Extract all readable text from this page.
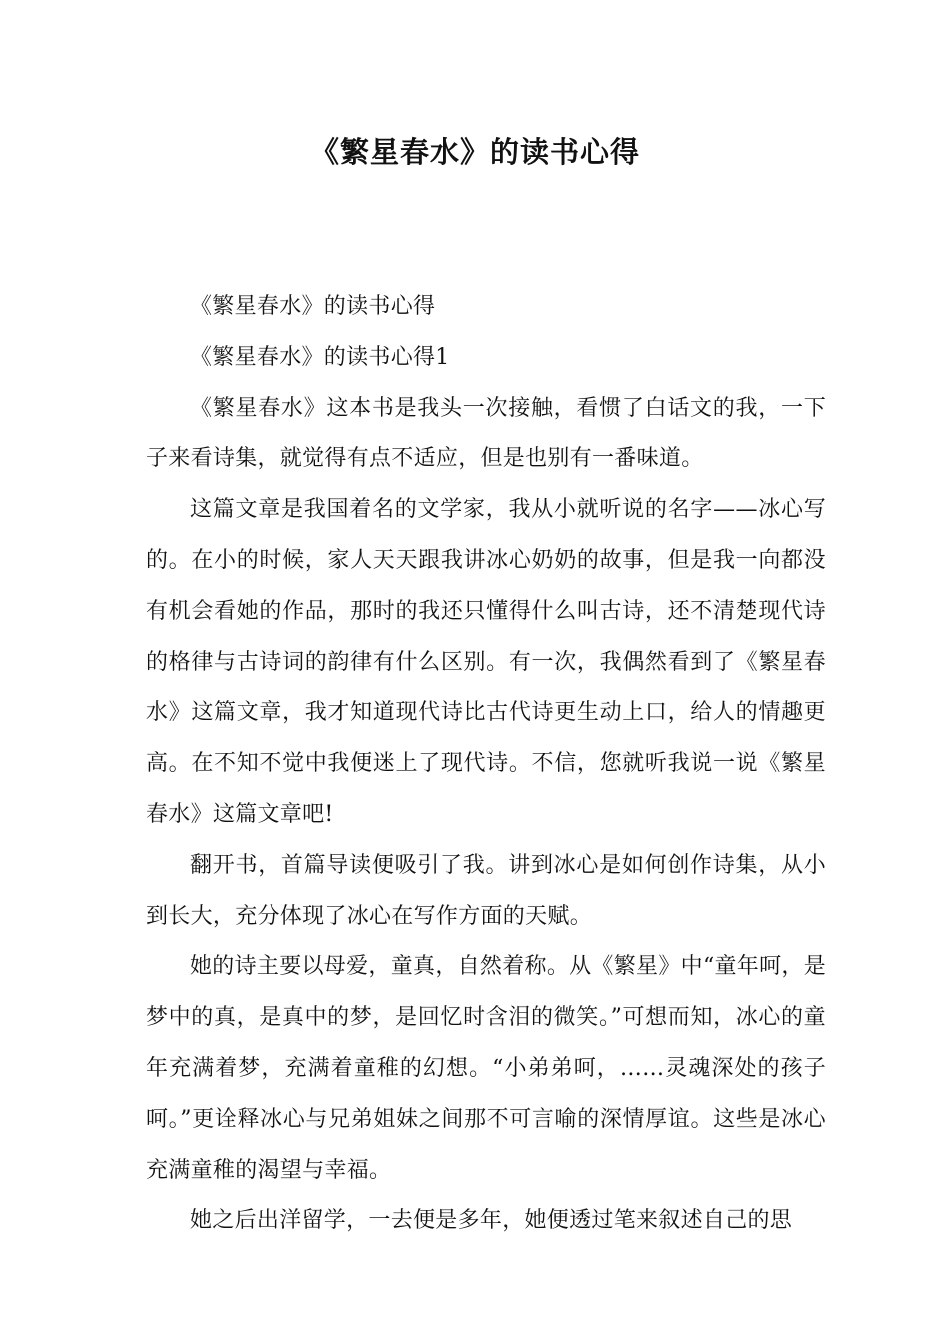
《繁星春水》的读书心得

《繁星春水》的读书心得

《繁星春水》的读书心得1

《繁星春水》这本书是我头一次接触，看惯了白话文的我，一下子来看诗集，就觉得有点不适应，但是也别有一番味道。

这篇文章是我国着名的文学家，我从小就听说的名字——冰心写的。在小的时候，家人天天跟我讲冰心奶奶的故事，但是我一向都没有机会看她的作品，那时的我还只懂得什么叫古诗，还不清楚现代诗的格律与古诗词的韵律有什么区别。有一次，我偶然看到了《繁星春水》这篇文章，我才知道现代诗比古代诗更生动上口，给人的情趣更高。在不知不觉中我便迷上了现代诗。不信，您就听我说一说《繁星春水》这篇文章吧!

翻开书，首篇导读便吸引了我。讲到冰心是如何创作诗集，从小到长大，充分体现了冰心在写作方面的天赋。

她的诗主要以母爱，童真，自然着称。从《繁星》中“童年呵，是梦中的真，是真中的梦，是回忆时含泪的微笑。”可想而知，冰心的童年充满着梦，充满着童稚的幻想。“小弟弟呵，……灵魂深处的孩子呵。”更诠释冰心与兄弟姐妹之间那不可言喻的深情厚谊。这些是冰心充满童稚的渴望与幸福。

她之后出洋留学，一去便是多年，她便透过笔来叙述自己的思
